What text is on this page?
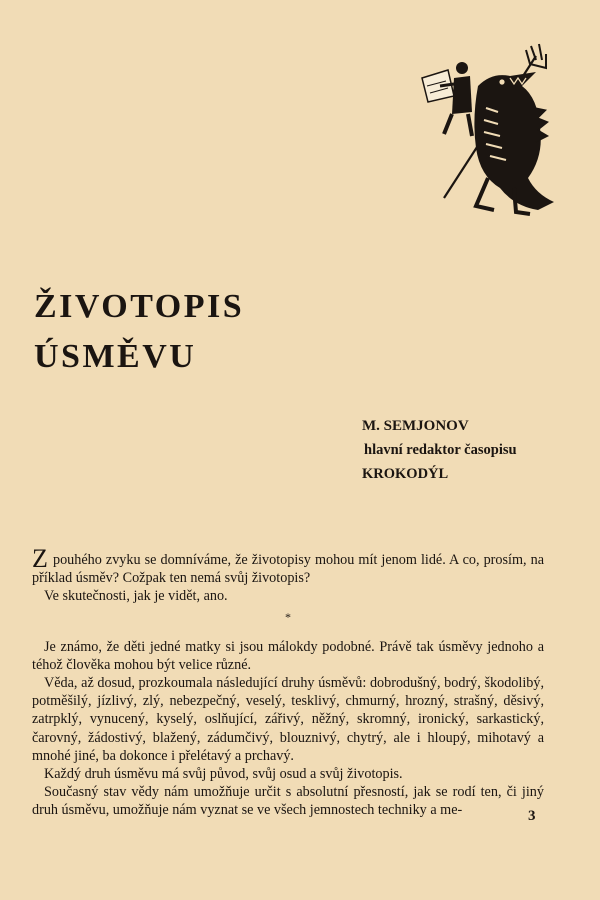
ŽIVOTOPIS
ÚSMĚVU
M. SEMJONOV
hlavní redaktor časopisu
KROKODÝL

Z pouhého zvyku se domníváme, že životopisy mohou mít jenom lidé. A co, prosím, na příklad úsměv? Cožpak ten nemá svůj životopis?

Ve skutečnosti, jak je vidět, ano.

*

Je známo, že děti jedné matky si jsou málokdy podobné. Právě tak úsměvy jednoho a téhož člověka mohou být velice různé.

Věda, až dosud, prozkoumala následující druhy úsměvů: dobrodušný, bodrý, škodolibý, potměšilý, jízlivý, zlý, nebezpečný, veselý, tesklivý, chmurný, hrozný, strašný, děsivý, zatrpklý, vynucený, kyselý, oslňující, zářivý, něžný, skromný, ironický, sarkastický, čarovný, žádostivý, blažený, zádumčivý, blouznivý, chytrý, ale i hloupý, mihotavý a mnohé jiné, ba dokonce i přelétavý a prchavý.

Každý druh úsměvu má svůj původ, svůj osud a svůj životopis.

Současný stav vědy nám umožňuje určit s absolutní přesností, jak se rodí ten, či jiný druh úsměvu, umožňuje nám vyznat se ve všech jemnostech techniky a me-	3
